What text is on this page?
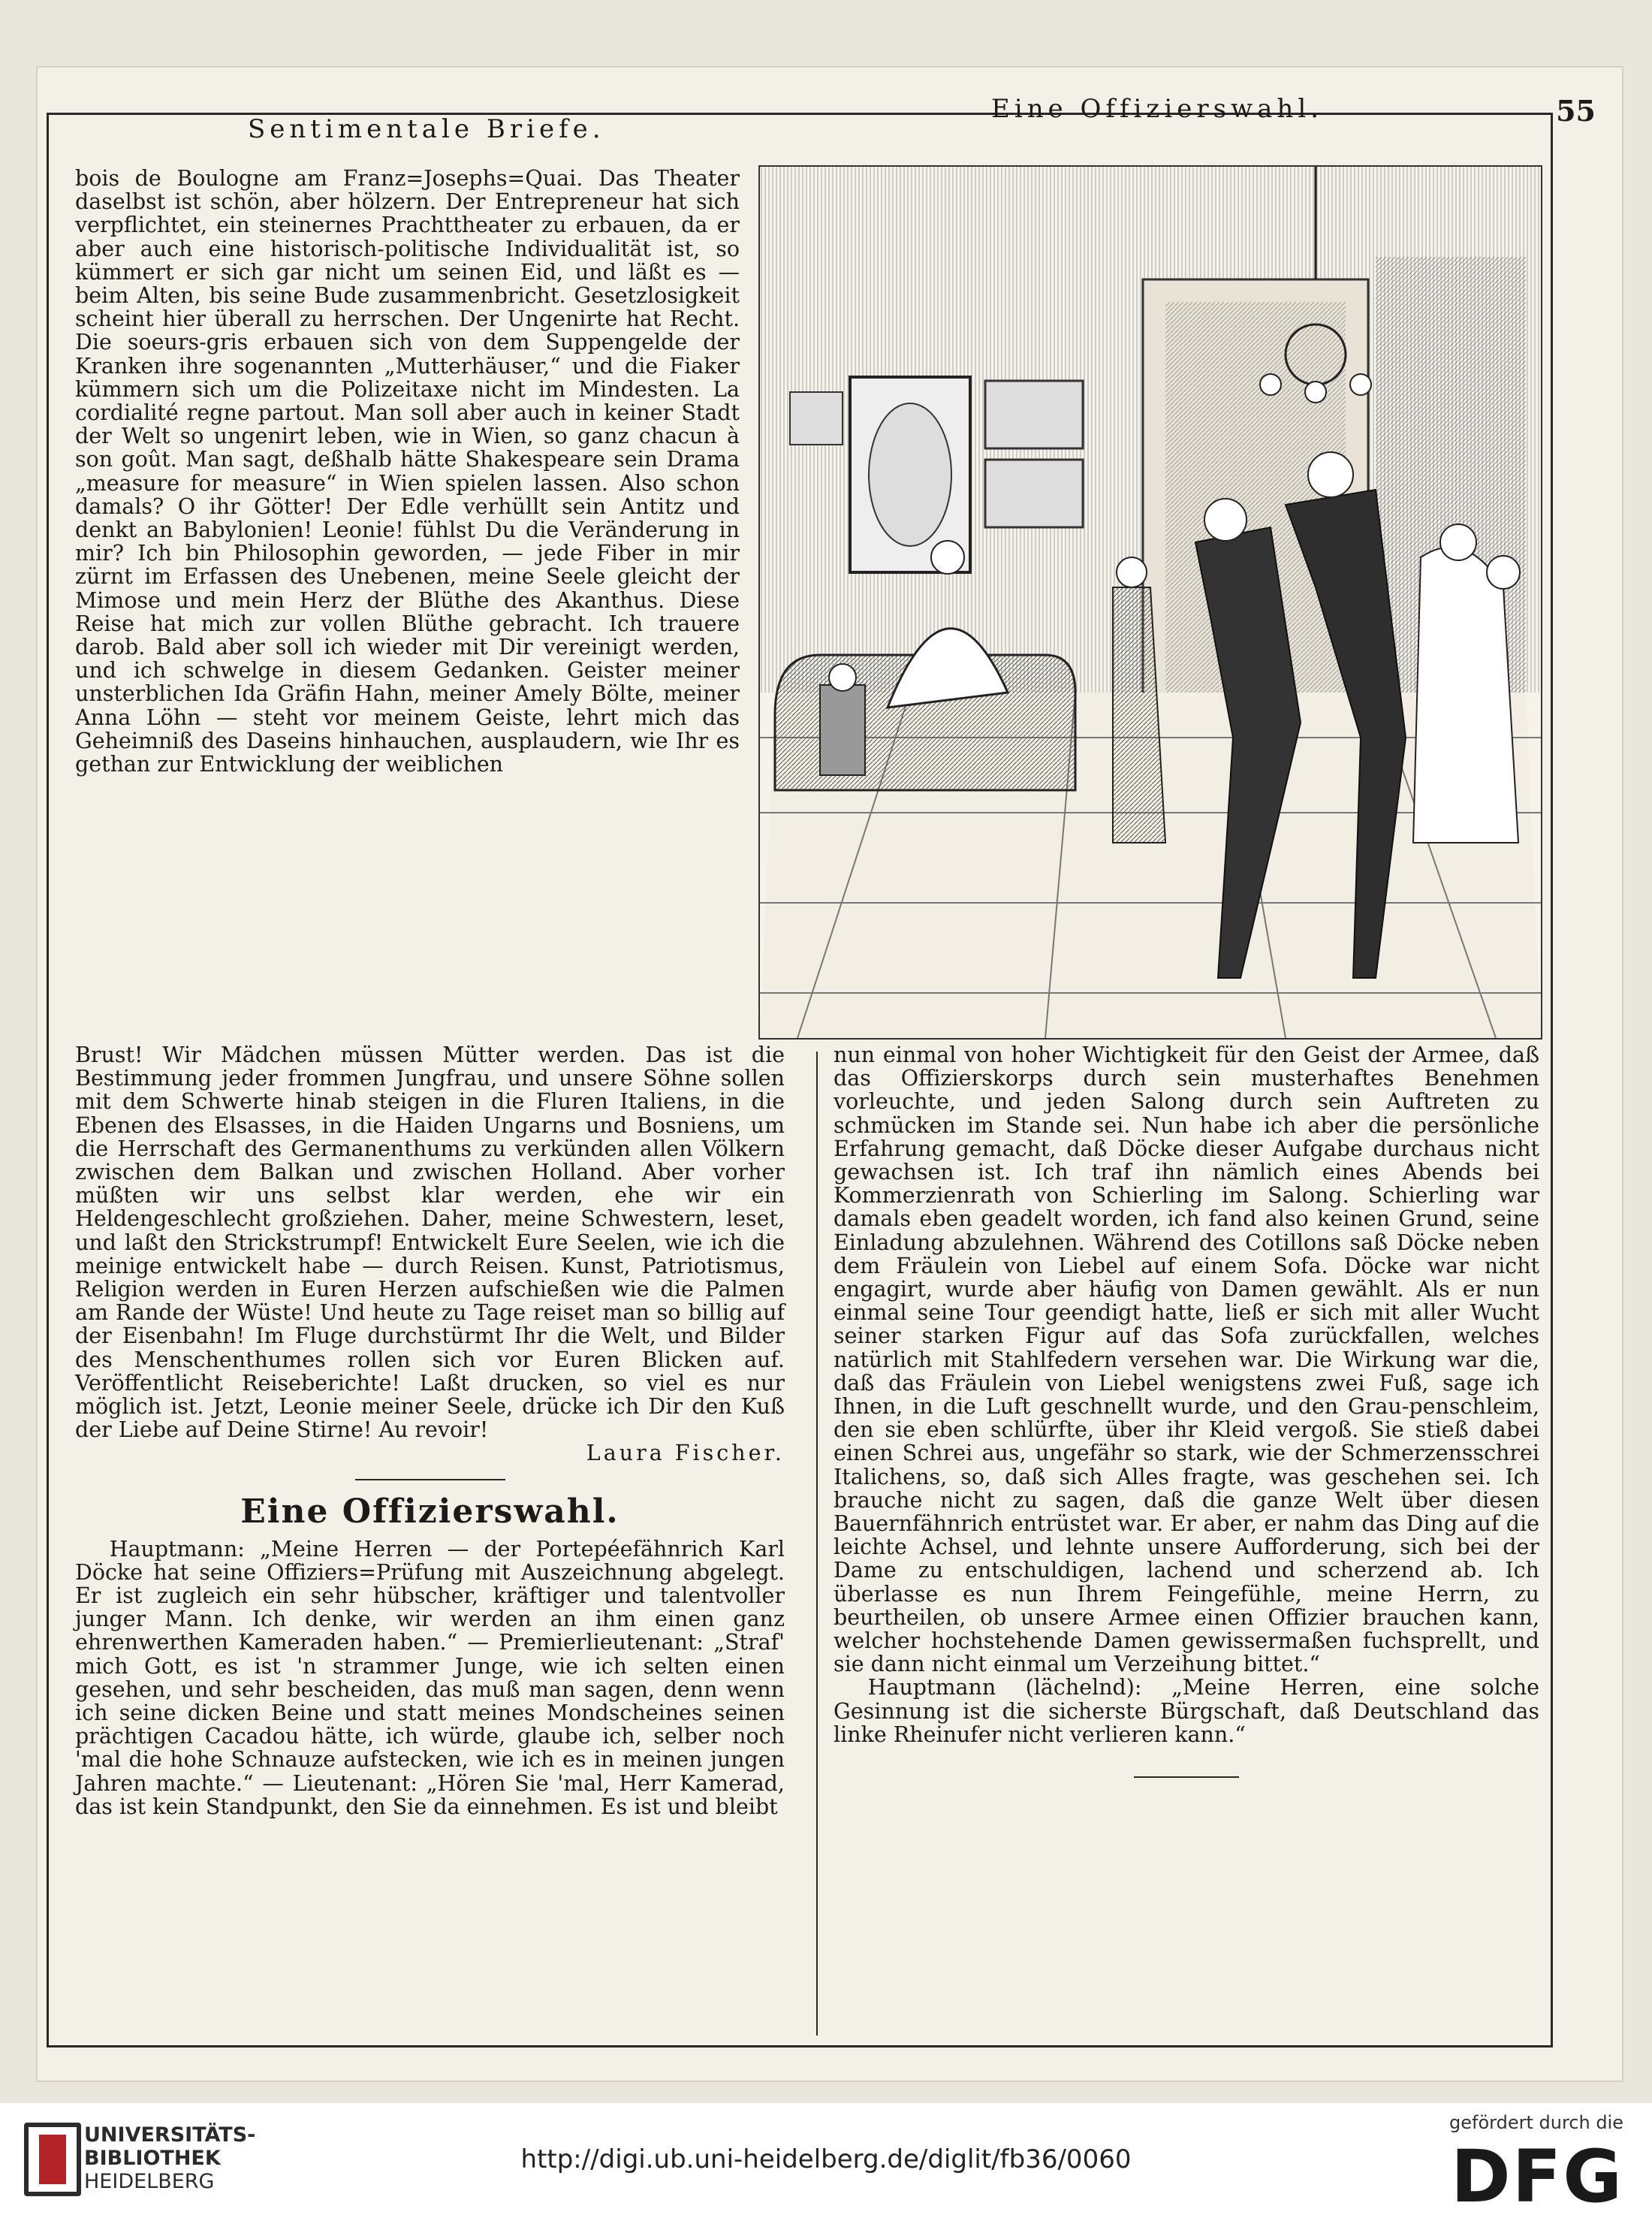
Sentimentale Briefe.
Eine Offizierswahl.	55

bois de Boulogne am Franz=Josephs=Quai. Das Theater daselbst ist schön, aber hölzern. Der Entrepreneur hat sich verpflichtet, ein steinernes Prachttheater zu erbauen, da er aber auch eine historisch-politische Individualität ist, so kümmert er sich gar nicht um seinen Eid, und läßt es — beim Alten, bis seine Bude zusammenbricht. Gesetzlosigkeit scheint hier überall zu herrschen. Der Ungenirte hat Recht. Die soeurs-gris erbauen sich von dem Suppengelde der Kranken ihre sogenannten „Mutterhäuser,“ und die Fiaker kümmern sich um die Polizeitaxe nicht im Mindesten. La cordialité regne partout. Man soll aber auch in keiner Stadt der Welt so ungenirt leben, wie in Wien, so ganz chacun à son goût. Man sagt, deßhalb hätte Shakespeare sein Drama „measure for measure“ in Wien spielen lassen. Also schon damals? O ihr Götter! Der Edle verhüllt sein Antitz und denkt an Babylonien! Leonie! fühlst Du die Veränderung in mir? Ich bin Philosophin geworden, — jede Fiber in mir zürnt im Erfassen des Unebenen, meine Seele gleicht der Mimose und mein Herz der Blüthe des Akanthus. Diese Reise hat mich zur vollen Blüthe gebracht. Ich trauere darob. Bald aber soll ich wieder mit Dir vereinigt werden, und ich schwelge in diesem Gedanken. Geister meiner unsterblichen Ida Gräfin Hahn, meiner Amely Bölte, meiner Anna Löhn — steht vor meinem Geiste, lehrt mich das Geheimniß des Daseins hinhauchen, ausplaudern, wie Ihr es gethan zur Entwicklung der weiblichen

Brust! Wir Mädchen müssen Mütter werden. Das ist die Bestimmung jeder frommen Jungfrau, und unsere Söhne sollen mit dem Schwerte hinab steigen in die Fluren Italiens, in die Ebenen des Elsasses, in die Haiden Ungarns und Bosniens, um die Herrschaft des Germanenthums zu verkünden allen Völkern zwischen dem Balkan und zwischen Holland. Aber vorher müßten wir uns selbst klar werden, ehe wir ein Heldengeschlecht großziehen. Daher, meine Schwestern, leset, und laßt den Strickstrumpf! Entwickelt Eure Seelen, wie ich die meinige entwickelt habe — durch Reisen. Kunst, Patriotismus, Religion werden in Euren Herzen aufschießen wie die Palmen am Rande der Wüste! Und heute zu Tage reiset man so billig auf der Eisenbahn! Im Fluge durchstürmt Ihr die Welt, und Bilder des Menschenthumes rollen sich vor Euren Blicken auf. Veröffentlicht Reiseberichte! Laßt drucken, so viel es nur möglich ist. Jetzt, Leonie meiner Seele, drücke ich Dir den Kuß der Liebe auf Deine Stirne! Au revoir!

Laura Fischer.

Eine Offizierswahl.

Hauptmann: „Meine Herren — der Portepéefähnrich Karl Döcke hat seine Offiziers=Prüfung mit Auszeichnung abgelegt. Er ist zugleich ein sehr hübscher, kräftiger und talentvoller junger Mann. Ich denke, wir werden an ihm einen ganz ehrenwerthen Kameraden haben.“ — Premierlieutenant: „Straf' mich Gott, es ist 'n strammer Junge, wie ich selten einen gesehen, und sehr bescheiden, das muß man sagen, denn wenn ich seine dicken Beine und statt meines Mondscheines seinen prächtigen Cacadou hätte, ich würde, glaube ich, selber noch 'mal die hohe Schnauze aufstecken, wie ich es in meinen jungen Jahren machte.“ — Lieutenant: „Hören Sie 'mal, Herr Kamerad, das ist kein Standpunkt, den Sie da einnehmen. Es ist und bleibt

nun einmal von hoher Wichtigkeit für den Geist der Armee, daß das Offizierskorps durch sein musterhaftes Benehmen vorleuchte, und jeden Salong durch sein Auftreten zu schmücken im Stande sei. Nun habe ich aber die persönliche Erfahrung gemacht, daß Döcke dieser Aufgabe durchaus nicht gewachsen ist. Ich traf ihn nämlich eines Abends bei Kommerzienrath von Schierling im Salong. Schierling war damals eben geadelt worden, ich fand also keinen Grund, seine Einladung abzulehnen. Während des Cotillons saß Döcke neben dem Fräulein von Liebel auf einem Sofa. Döcke war nicht engagirt, wurde aber häufig von Damen gewählt. Als er nun einmal seine Tour geendigt hatte, ließ er sich mit aller Wucht seiner starken Figur auf das Sofa zurückfallen, welches natürlich mit Stahlfedern versehen war. Die Wirkung war die, daß das Fräulein von Liebel wenigstens zwei Fuß, sage ich Ihnen, in die Luft geschnellt wurde, und den Grau-penschleim, den sie eben schlürfte, über ihr Kleid vergoß. Sie stieß dabei einen Schrei aus, ungefähr so stark, wie der Schmerzensschrei Italichens, so, daß sich Alles fragte, was geschehen sei. Ich brauche nicht zu sagen, daß die ganze Welt über diesen Bauernfähnrich entrüstet war. Er aber, er nahm das Ding auf die leichte Achsel, und lehnte unsere Aufforderung, sich bei der Dame zu entschuldigen, lachend und scherzend ab. Ich überlasse es nun Ihrem Feingefühle, meine Herrn, zu beurtheilen, ob unsere Armee einen Offizier brauchen kann, welcher hochstehende Damen gewissermaßen fuchsprellt, und sie dann nicht einmal um Verzeihung bittet.“

Hauptmann (lächelnd): „Meine Herren, eine solche Gesinnung ist die sicherste Bürgschaft, daß Deutschland das linke Rheinufer nicht verlieren kann.“

UNIVERSITÄTS-
BIBLIOTHEK
HEIDELBERG
http://digi.ub.uni-heidelberg.de/diglit/fb36/0060
gefördert durch die
DFG
